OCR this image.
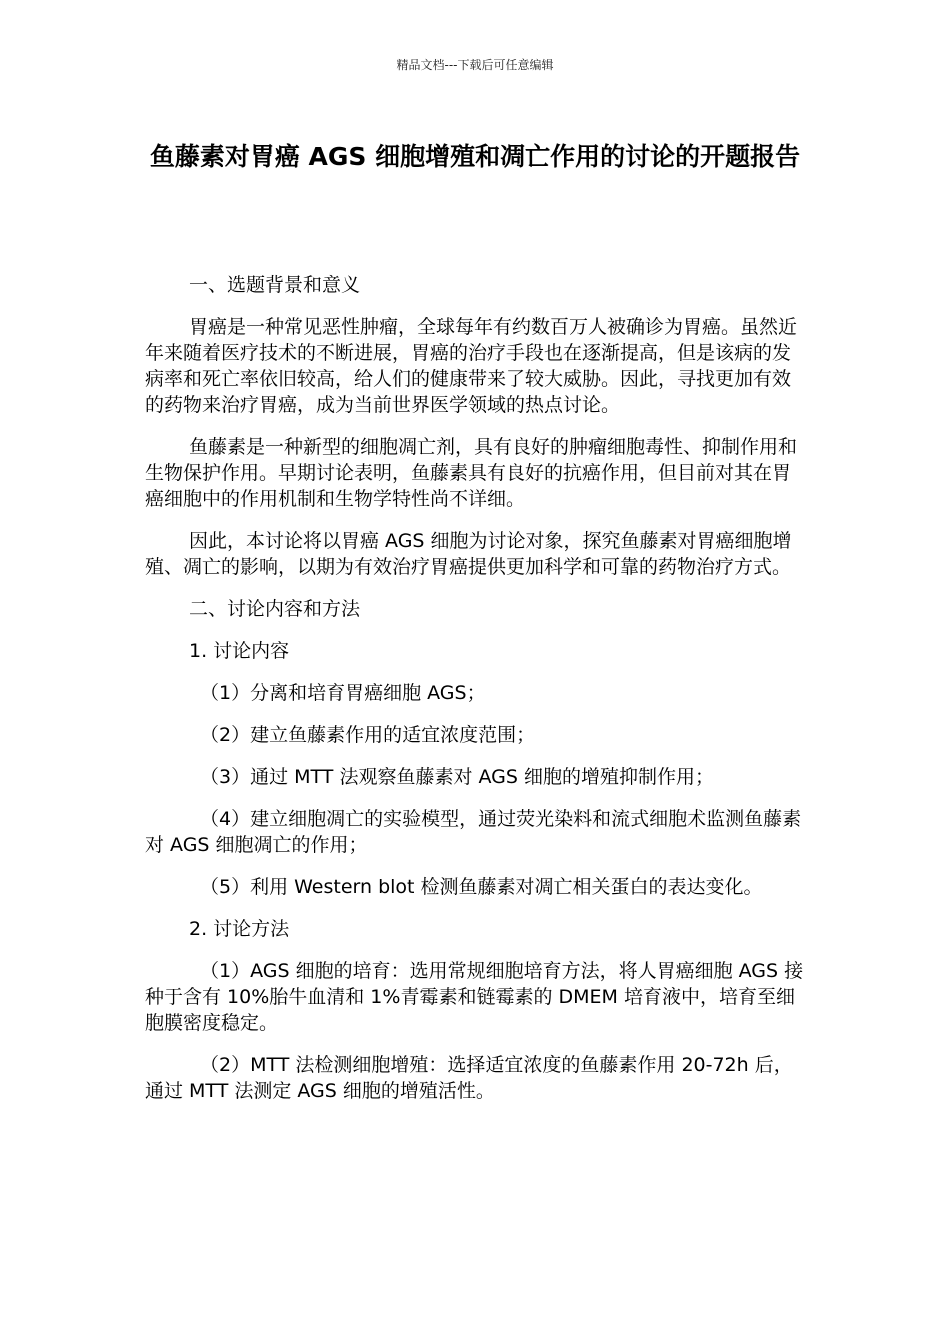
精品文档---下载后可任意编辑
鱼藤素对胃癌 AGS 细胞增殖和凋亡作用的讨论的开题报告

一、选题背景和意义

胃癌是一种常见恶性肿瘤，全球每年有约数百万人被确诊为胃癌。虽然近年来随着医疗技术的不断进展，胃癌的治疗手段也在逐渐提高，但是该病的发病率和死亡率依旧较高，给人们的健康带来了较大威胁。因此，寻找更加有效的药物来治疗胃癌，成为当前世界医学领域的热点讨论。

鱼藤素是一种新型的细胞凋亡剂，具有良好的肿瘤细胞毒性、抑制作用和生物保护作用。早期讨论表明，鱼藤素具有良好的抗癌作用，但目前对其在胃癌细胞中的作用机制和生物学特性尚不详细。

因此，本讨论将以胃癌 AGS 细胞为讨论对象，探究鱼藤素对胃癌细胞增殖、凋亡的影响，以期为有效治疗胃癌提供更加科学和可靠的药物治疗方式。

二、讨论内容和方法

1. 讨论内容

（1）分离和培育胃癌细胞 AGS；

（2）建立鱼藤素作用的适宜浓度范围；

（3）通过 MTT 法观察鱼藤素对 AGS 细胞的增殖抑制作用；

（4）建立细胞凋亡的实验模型，通过荧光染料和流式细胞术监测鱼藤素对 AGS 细胞凋亡的作用；

（5）利用 Western blot 检测鱼藤素对凋亡相关蛋白的表达变化。

2. 讨论方法

（1）AGS 细胞的培育：选用常规细胞培育方法，将人胃癌细胞 AGS 接种于含有 10%胎牛血清和 1%青霉素和链霉素的 DMEM 培育液中，培育至细胞膜密度稳定。

（2）MTT 法检测细胞增殖：选择适宜浓度的鱼藤素作用 20-72h 后，通过 MTT 法测定 AGS 细胞的增殖活性。
